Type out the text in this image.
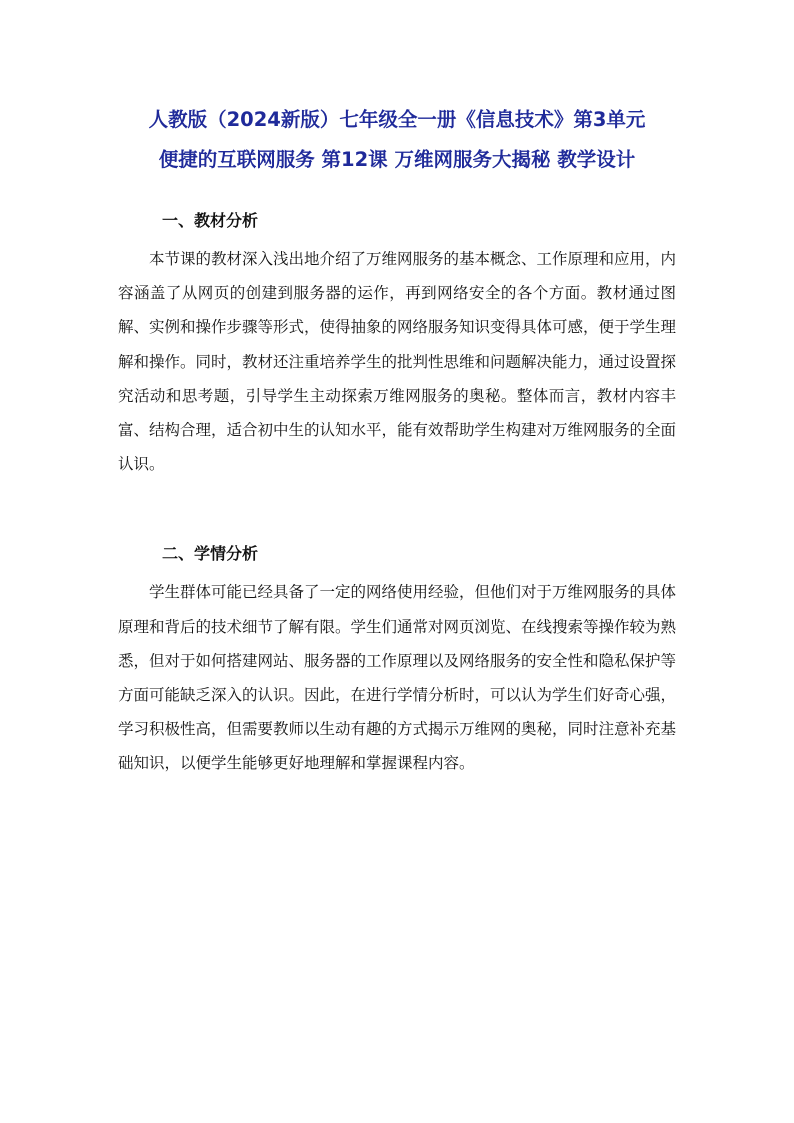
人教版（2024新版）七年级全一册《信息技术》第3单元
便捷的互联网服务 第12课 万维网服务大揭秘 教学设计
一、教材分析

本节课的教材深入浅出地介绍了万维网服务的基本概念、工作原理和应用，内容涵盖了从网页的创建到服务器的运作，再到网络安全的各个方面。教材通过图解、实例和操作步骤等形式，使得抽象的网络服务知识变得具体可感，便于学生理解和操作。同时，教材还注重培养学生的批判性思维和问题解决能力，通过设置探究活动和思考题，引导学生主动探索万维网服务的奥秘。整体而言，教材内容丰富、结构合理，适合初中生的认知水平，能有效帮助学生构建对万维网服务的全面认识。

二、学情分析

学生群体可能已经具备了一定的网络使用经验，但他们对于万维网服务的具体原理和背后的技术细节了解有限。学生们通常对网页浏览、在线搜索等操作较为熟悉，但对于如何搭建网站、服务器的工作原理以及网络服务的安全性和隐私保护等方面可能缺乏深入的认识。因此，在进行学情分析时，可以认为学生们好奇心强，学习积极性高，但需要教师以生动有趣的方式揭示万维网的奥秘，同时注意补充基础知识，以便学生能够更好地理解和掌握课程内容。
